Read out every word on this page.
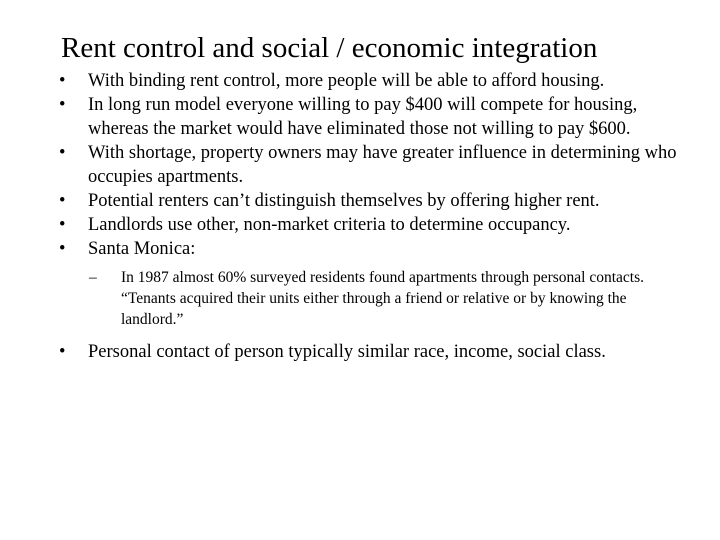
Rent control and social / economic integration
• With binding rent control, more people will be able to afford housing.
• In long run model everyone willing to pay $400 will compete for housing, whereas the market would have eliminated those not willing to pay $600.
• With shortage, property owners may have greater influence in determining who occupies apartments.
• Potential renters can’t distinguish themselves by offering higher rent.
• Landlords use other, non-market criteria to determine occupancy.
• Santa Monica:
– In 1987 almost 60% surveyed residents found apartments through personal contacts. “Tenants acquired their units either through a friend or relative or by knowing the landlord.”
• Personal contact of person typically similar race, income, social class.
